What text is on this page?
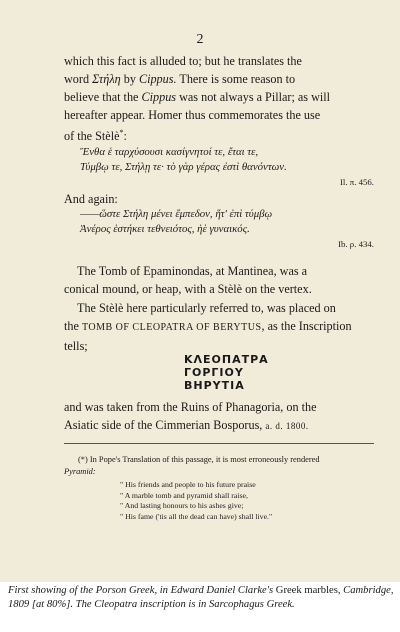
2

which this fact is alluded to; but he translates the

word Στήλη by Cippus. There is some reason to

believe that the Cippus was not always a Pillar; as will

hereafter appear. Homer thus commemorates the use

of the Stèlè*:

Ἔνθα ἑ ταρχύσουσι κασίγνητοί τε, ἔται τε,
Τύμβῳ τε, Στήλῃ τε· τὸ γὰρ γέρας ἐστὶ θανόντων.
Il. π. 456.
And again:
——ὥστε Στήλη μένει ἔμπεδον, ἥτ' ἐπὶ τύμβῳ
Ἀνέρος ἑστήκει τεθνειότος, ἠὲ γυναικός.
Ib. ρ. 434.

The Tomb of Epaminondas, at Mantinea, was a

conical mound, or heap, with a Stèlè on the vertex.

The Stèlè here particularly referred to, was placed on

the TOMB OF CLEOPATRA OF BERYTUS, as the Inscription

tells;

ΚΛΕΟΠΑΤΡΑ
ΓΟΡΓΙΟΥ
ΒΗΡΥΤΙΑ

and was taken from the Ruins of Phanagoria, on the

Asiatic side of the Cimmerian Bosporus, a. d. 1800.

(*) In Pope's Translation of this passage, it is most erroneously rendered
Pyramid:
" His friends and people to his future praise
" A marble tomb and pyramid shall raise,
" And lasting honours to his ashes give;
" His fame ('tis all the dead can have) shall live."
First showing of the Porson Greek, in Edward Daniel Clarke's Greek marbles, Cambridge, 1809 [at 80%]. The Cleopatra inscription is in Sarcophagus Greek.
